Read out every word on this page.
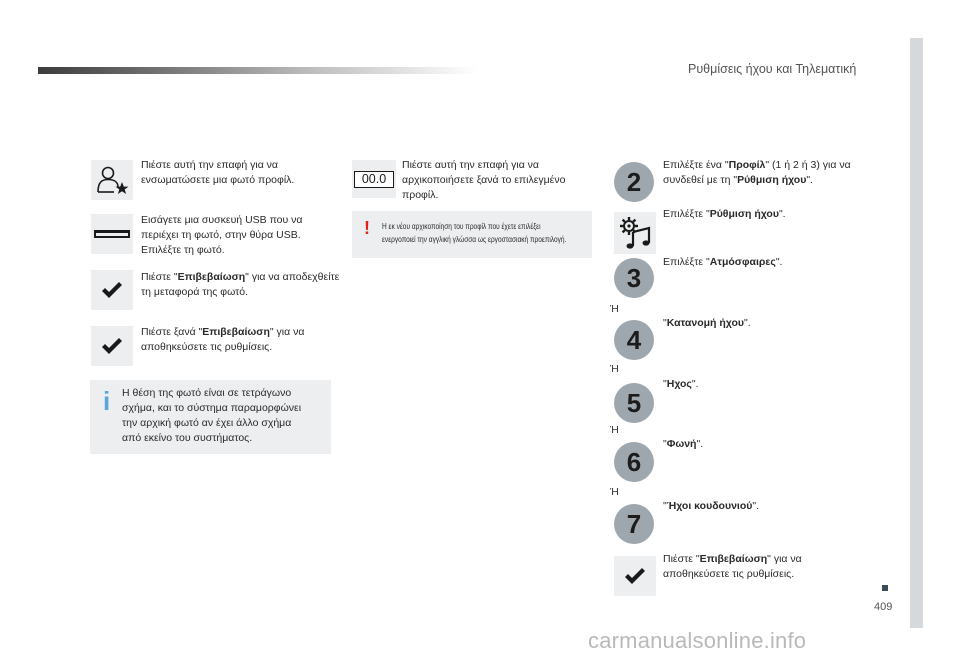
Ρυθμίσεις ήχου και Τηλεματική
409
carmanualsonline.info
Πιέστε αυτή την επαφή για να ενσωματώσετε μια φωτό προφίλ.
Εισάγετε μια συσκευή USB που να
περιέχει τη φωτό, στην θύρα USB.
Επιλέξτε τη φωτό.
Πιέστε "Επιβεβαίωση" για να αποδεχθείτε τη μεταφορά της φωτό.
Πιέστε ξανά "Επιβεβαίωση" για να αποθηκεύσετε τις ρυθμίσεις.
i Η θέση της φωτό είναι σε τετράγωνο
σχήμα, και το σύστημα παραμορφώνει
την αρχική φωτό αν έχει άλλο σχήμα
από εκείνο του συστήματος.
00.0
Πιέστε αυτή την επαφή για να αρχικοποιήσετε ξανά το επιλεγμένο προφίλ.
! Η εκ νέου αρχικοποίηση του προφίλ που έχετε επιλέξει
ενεργοποιεί την αγγλική γλώσσα ως εργοστασιακή προεπιλογή.
2
Επιλέξτε ένα "Προφίλ" (1 ή 2 ή 3) για να συνδεθεί με τη "Ρύθμιση ήχου".
Επιλέξτε "Ρύθμιση ήχου".
3
Επιλέξτε "Ατμόσφαιρες".
Ή
4
"Κατανομή ήχου".
Ή
5
"Ηχος".
Ή
6
"Φωνή".
Ή
7
"Ήχοι κουδουνιού".
Πιέστε "Επιβεβαίωση" για να αποθηκεύσετε τις ρυθμίσεις.
